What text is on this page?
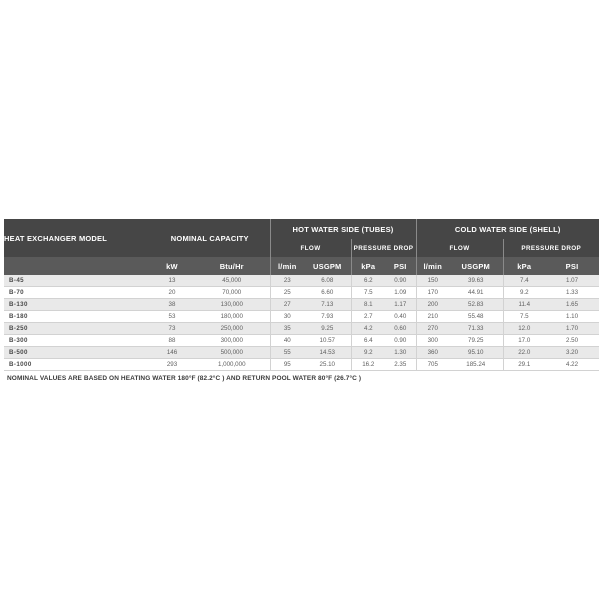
HEAT EXCHANGER MODEL	NOMINAL CAPACITY		HOT WATER SIDE (TUBES)				COLD WATER SIDE (SHELL)			
			FLOW		PRESSURE DROP		FLOW		PRESSURE DROP	
	kW	Btu/Hr	l/min	USGPM	kPa	PSI	l/min	USGPM	kPa	PSI
B-45	13	45,000	23	6.08	6.2	0.90	150	39.63	7.4	1.07
B-70	20	70,000	25	6.60	7.5	1.09	170	44.91	9.2	1.33
B-130	38	130,000	27	7.13	8.1	1.17	200	52.83	11.4	1.65
B-180	53	180,000	30	7.93	2.7	0.40	210	55.48	7.5	1.10
B-250	73	250,000	35	9.25	4.2	0.60	270	71.33	12.0	1.70
B-300	88	300,000	40	10.57	6.4	0.90	300	79.25	17.0	2.50
B-500	146	500,000	55	14.53	9.2	1.30	360	95.10	22.0	3.20
B-1000	293	1,000,000	95	25.10	16.2	2.35	705	185.24	29.1	4.22
NOMINAL VALUES ARE BASED ON HEATING WATER 180°F (82.2°C ) AND RETURN POOL WATER 80°F (26.7°C )
